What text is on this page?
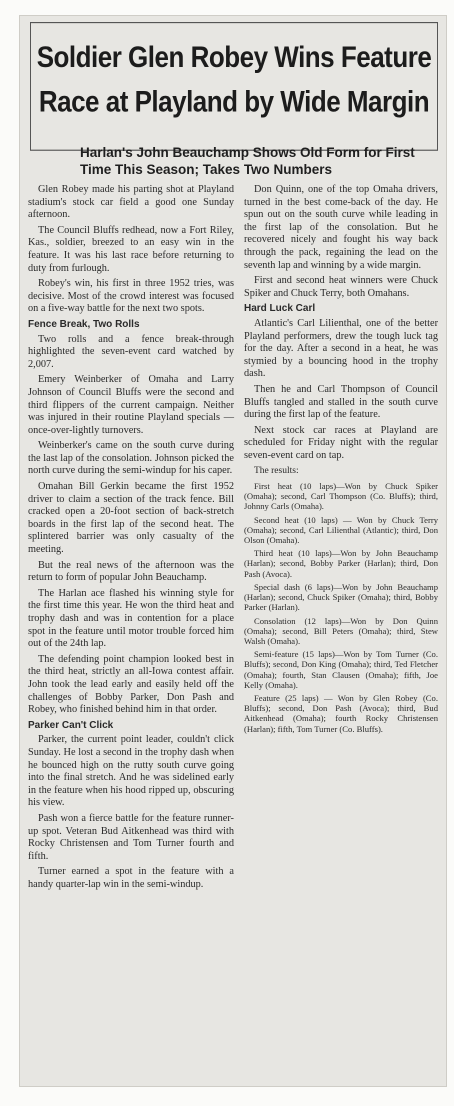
Soldier Glen Robey Wins Feature Race at Playland by Wide Margin
Harlan's John Beauchamp Shows Old Form for First Time This Season; Takes Two Numbers

Glen Robey made his parting shot at Playland stadium's stock car field a good one Sunday afternoon.

The Council Bluffs redhead, now a Fort Riley, Kas., soldier, breezed to an easy win in the feature. It was his last race before returning to duty from furlough.

Robey's win, his first in three 1952 tries, was decisive. Most of the crowd interest was focused on a five-way battle for the next two spots.

Fence Break, Two Rolls

Two rolls and a fence break-through highlighted the seven-event card watched by 2,007.

Emery Weinberker of Omaha and Larry Johnson of Council Bluffs were the second and third flippers of the current campaign. Neither was injured in their routine Playland specials — once-over-lightly turnovers.

Weinberker's came on the south curve during the last lap of the consolation. Johnson picked the north curve during the semi-windup for his caper.

Omahan Bill Gerkin became the first 1952 driver to claim a section of the track fence. Bill cracked open a 20-foot section of back-stretch boards in the first lap of the second heat. The splintered barrier was only casualty of the meeting.

But the real news of the afternoon was the return to form of popular John Beauchamp.

The Harlan ace flashed his winning style for the first time this year. He won the third heat and trophy dash and was in contention for a place spot in the feature until motor trouble forced him out of the 24th lap.

The defending point champion looked best in the third heat, strictly an all-Iowa contest affair. John took the lead early and easily held off the challenges of Bobby Parker, Don Pash and Robey, who finished behind him in that order.

Parker Can't Click

Parker, the current point leader, couldn't click Sunday. He lost a second in the trophy dash when he bounced high on the rutty south curve going into the final stretch. And he was sidelined early in the feature when his hood ripped up, obscuring his view.

Pash won a fierce battle for the feature runner-up spot. Veteran Bud Aitkenhead was third with Rocky Christensen and Tom Turner fourth and fifth.

Turner earned a spot in the feature with a handy quarter-lap win in the semi-windup.

Don Quinn, one of the top Omaha drivers, turned in the best come-back of the day. He spun out on the south curve while leading in the first lap of the consolation. But he recovered nicely and fought his way back through the pack, regaining the lead on the seventh lap and winning by a wide margin.

First and second heat winners were Chuck Spiker and Chuck Terry, both Omahans.

Hard Luck Carl

Atlantic's Carl Lilienthal, one of the better Playland performers, drew the tough luck tag for the day. After a second in a heat, he was stymied by a bouncing hood in the trophy dash.

Then he and Carl Thompson of Council Bluffs tangled and stalled in the south curve during the first lap of the feature.

Next stock car races at Playland are scheduled for Friday night with the regular seven-event card on tap.

The results:

First heat (10 laps)—Won by Chuck Spiker (Omaha); second, Carl Thompson (Co. Bluffs); third, Johnny Carls (Omaha).

Second heat (10 laps) — Won by Chuck Terry (Omaha); second, Carl Lilienthal (Atlantic); third, Don Olson (Omaha).

Third heat (10 laps)—Won by John Beauchamp (Harlan); second, Bobby Parker (Harlan); third, Don Pash (Avoca).

Special dash (6 laps)—Won by John Beauchamp (Harlan); second, Chuck Spiker (Omaha); third, Bobby Parker (Harlan).

Consolation (12 laps)—Won by Don Quinn (Omaha); second, Bill Peters (Omaha); third, Stew Walsh (Omaha).

Semi-feature (15 laps)—Won by Tom Turner (Co. Bluffs); second, Don King (Omaha); third, Ted Fletcher (Omaha); fourth, Stan Clausen (Omaha); fifth, Joe Kelly (Omaha).

Feature (25 laps) — Won by Glen Robey (Co. Bluffs); second, Don Pash (Avoca); third, Bud Aitkenhead (Omaha); fourth Rocky Christensen (Harlan); fifth, Tom Turner (Co. Bluffs).
